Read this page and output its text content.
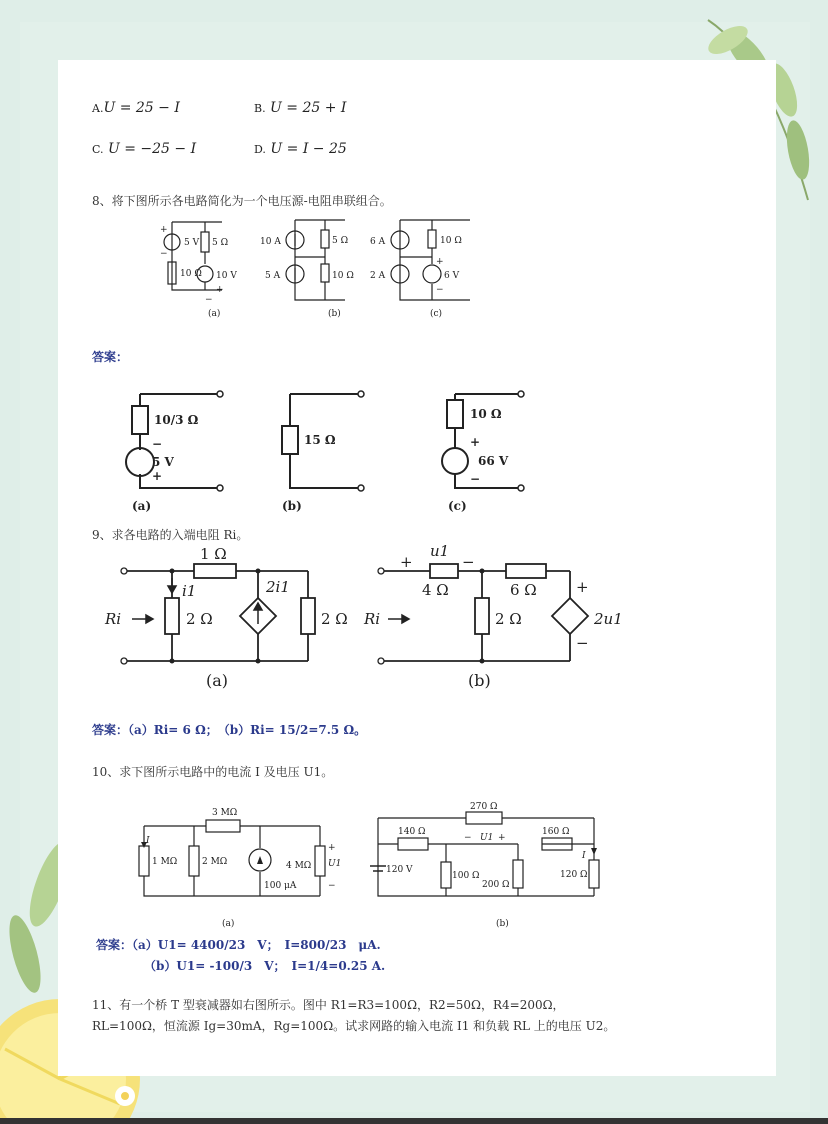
A.U = 25 − I	B. U = 25 + I
C. U = −25 − I	D. U = I − 25
8、将下图所示各电路简化为一个电压源-电阻串联组合。
5 V 5 Ω
10 Ω 10 V
+
−
−
+
(a)
10 A	5 Ω
5 A	10 Ω
(b)
6 A	10 Ω
2 A	6 V
+
−
(c)
答案：
10/3 Ω
5 V
−
+
(a)
15 Ω
(b)
10 Ω
66 V
+
−
(c)
9、求各电路的入端电阻 Ri。
1 Ω
i1	2i1
2 Ω	2 Ω
Ri
(a)
u1
+	−
4 Ω	6 Ω
2 Ω	2u1
+
−
Ri
(b)
答案：（a）Ri= 6 Ω；　（b）Ri= 15/2=7.5 Ω。
10、求下图所示电路中的电流 I 及电压 U1。
3 MΩ
I
1 MΩ	2 MΩ	4 MΩ
100 μA
U1
+
−
(a)
270 Ω
140 Ω
U1
−	+
160 Ω
120 V
100 Ω
200 Ω
120 Ω
I
(b)
答案：（a）U1= 4400/23　V；　I=800/23　μA.
（b）U1= -100/3　V；　I=1/4=0.25 A.
11、有一个桥 T 型衰减器如右图所示。图中 R1=R3=100Ω，R2=50Ω，R4=200Ω，
RL=100Ω，恒流源 Ig=30mA，Rg=100Ω。试求网路的输入电流 I1 和负载 RL 上的电压 U2。
